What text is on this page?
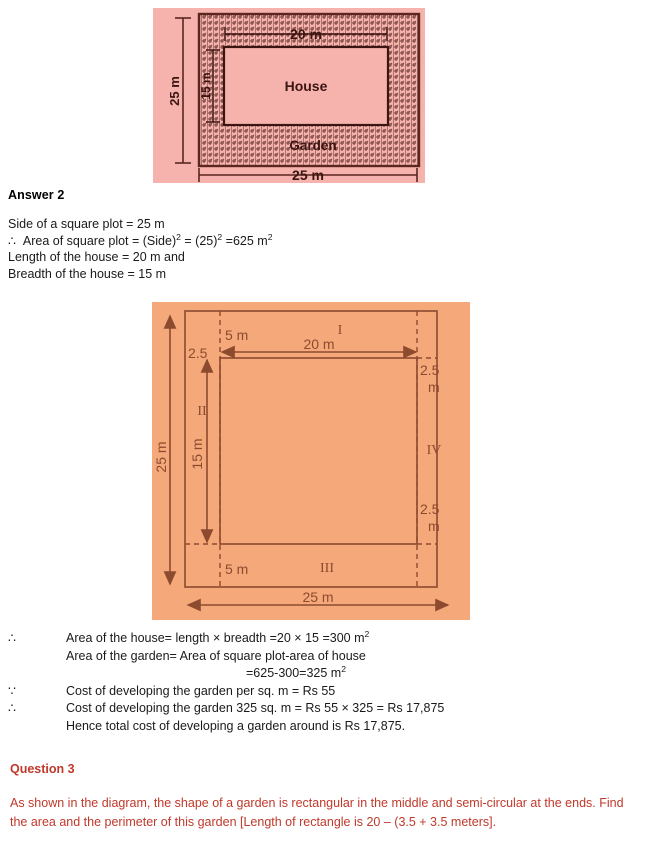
25 m 15 m
20 m
House
Garden
25 m
Answer 2
Side of a square plot = 25 m
∴ Area of square plot = (Side)$^2$ = $(25)^2 =625$ $m^2$
Length of the house = 20 m and
Breadth of the house = 15 m
25 m 15 m
20 m
25 m
5 m
5 m
2.5
2.5
m
2.5
m
I
II
III
IV
∴	Area of the house= length × breadth =20 × 15 =300 $m^2$
Area of the garden= Area of square plot-area of house
=625-300=325 $m^2$
∵	Cost of developing the garden per sq. m = Rs 55
∴	Cost of developing the garden 325 sq. m = Rs 55 × 325 = Rs 17,875
Hence total cost of developing a garden around is Rs 17,875.
Question 3
As shown in the diagram, the shape of a garden is rectangular in the middle and semi-circular at the ends. Find the area and the perimeter of this garden [Length of rectangle is 20 – (3.5 + 3.5 meters].
